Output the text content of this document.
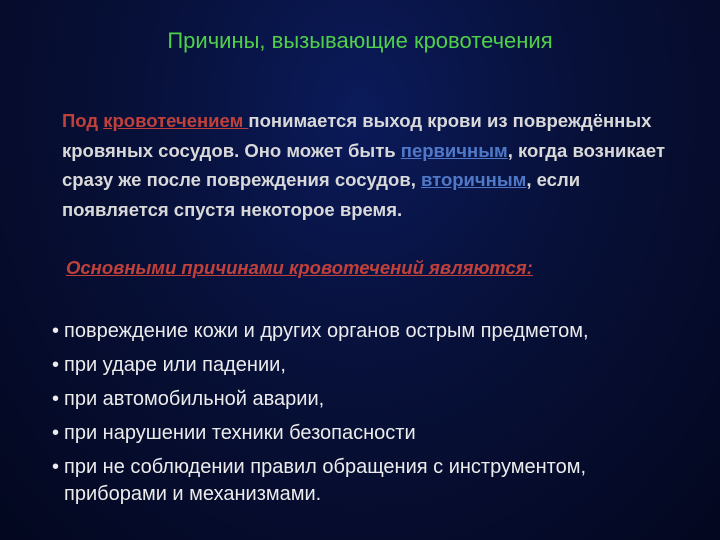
Причины, вызывающие кровотечения
Под кровотечением понимается выход крови из повреждённых кровяных сосудов. Оно может быть первичным, когда возникает сразу же после повреждения сосудов, вторичным, если появляется спустя некоторое время.
Основными причинами кровотечений являются:
• повреждение кожи и других органов острым предметом,
• при ударе или падении,
• при автомобильной аварии,
• при нарушении техники безопасности
• при не соблюдении правил обращения с инструментом, приборами и механизмами.
